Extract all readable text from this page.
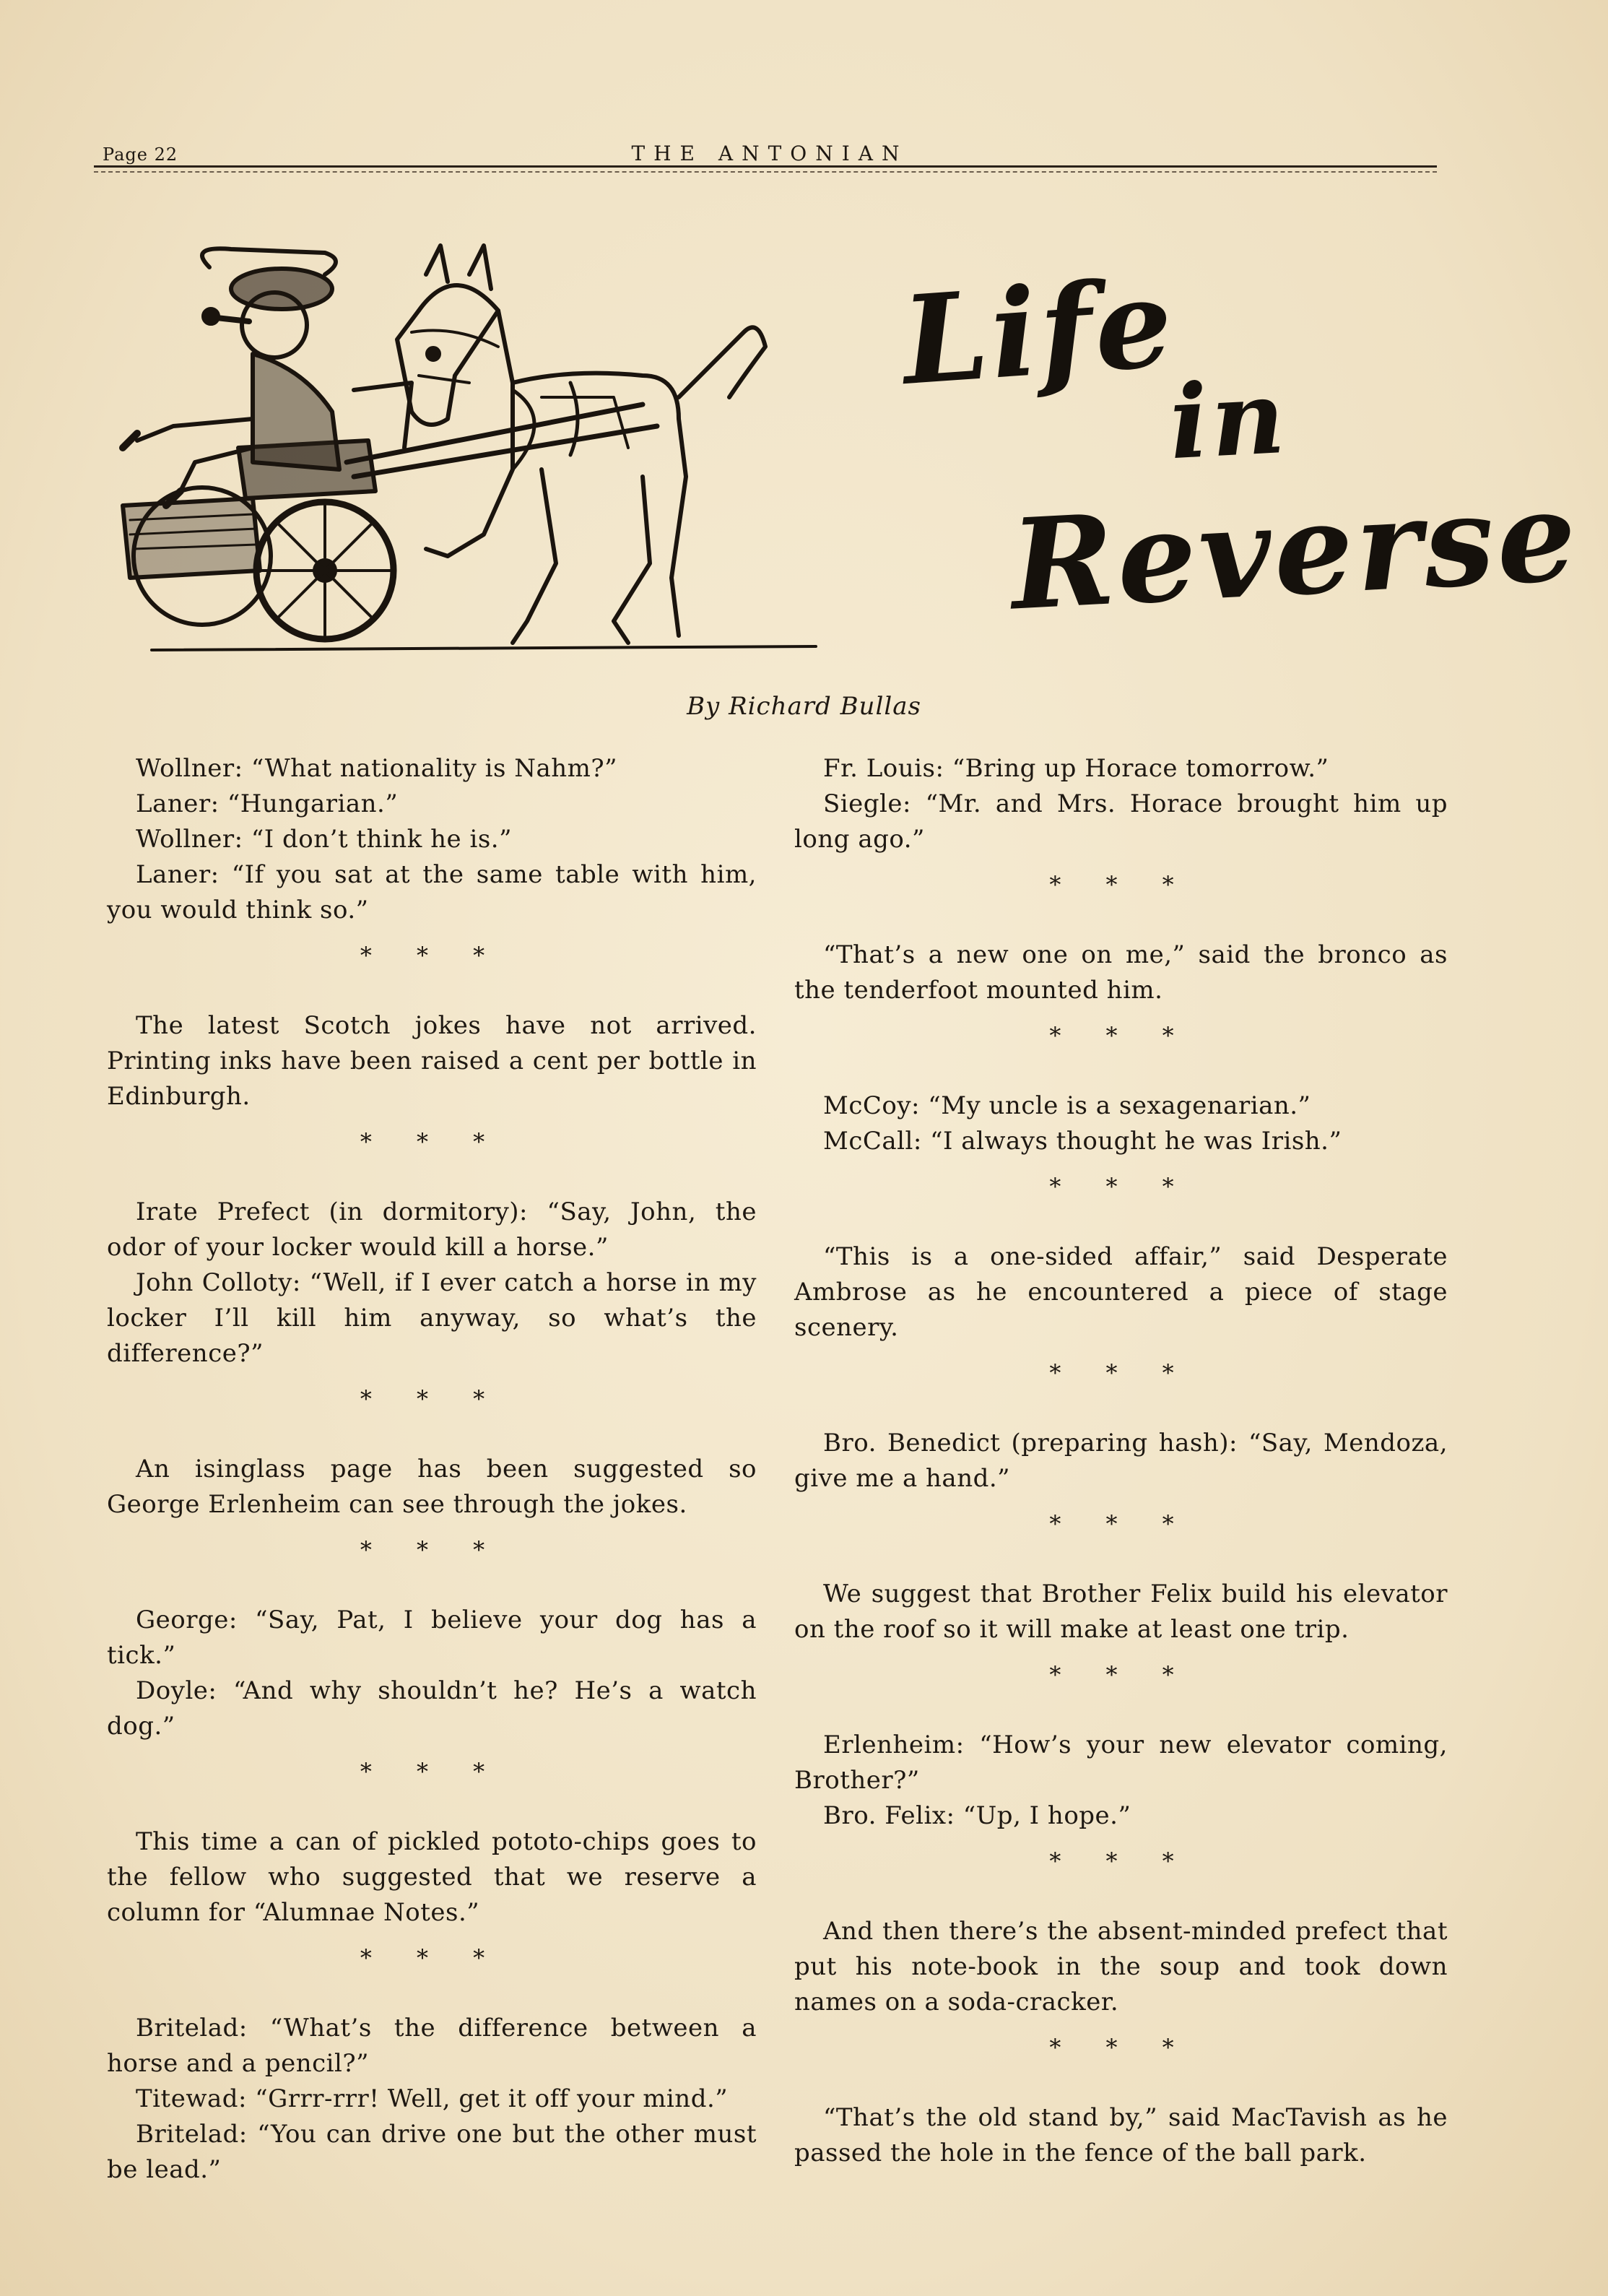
Page 22	THE ANTONIAN
Life
in
Reverse
By Richard Bullas

Wollner: “What nationality is Nahm?”

Laner: “Hungarian.”

Wollner: “I don’t think he is.”

Laner: “If you sat at the same table with him, you would think so.”

* * *

The latest Scotch jokes have not arrived. Printing inks have been raised a cent per bottle in Edinburgh.

* * *

Irate Prefect (in dormitory): “Say, John, the odor of your locker would kill a horse.”

John Colloty: “Well, if I ever catch a horse in my locker I’ll kill him anyway, so what’s the difference?”

* * *

An isinglass page has been suggested so George Erlenheim can see through the jokes.

* * *

George: “Say, Pat, I believe your dog has a tick.”

Doyle: “And why shouldn’t he? He’s a watch dog.”

* * *

This time a can of pickled pototo-chips goes to the fellow who suggested that we reserve a column for “Alumnae Notes.”

* * *

Britelad: “What’s the difference between a horse and a pencil?”

Titewad: “Grrr-rrr! Well, get it off your mind.”

Britelad: “You can drive one but the other must be lead.”

Fr. Louis: “Bring up Horace tomorrow.”

Siegle: “Mr. and Mrs. Horace brought him up long ago.”

* * *

“That’s a new one on me,” said the bronco as the tenderfoot mounted him.

* * *

McCoy: “My uncle is a sexagenarian.”

McCall: “I always thought he was Irish.”

* * *

“This is a one-sided affair,” said Desperate Ambrose as he encountered a piece of stage scenery.

* * *

Bro. Benedict (preparing hash): “Say, Mendoza, give me a hand.”

* * *

We suggest that Brother Felix build his elevator on the roof so it will make at least one trip.

* * *

Erlenheim: “How’s your new elevator coming, Brother?”

Bro. Felix: “Up, I hope.”

* * *

And then there’s the absent-minded prefect that put his note-book in the soup and took down names on a soda-cracker.

* * *

“That’s the old stand by,” said MacTavish as he passed the hole in the fence of the ball park.
